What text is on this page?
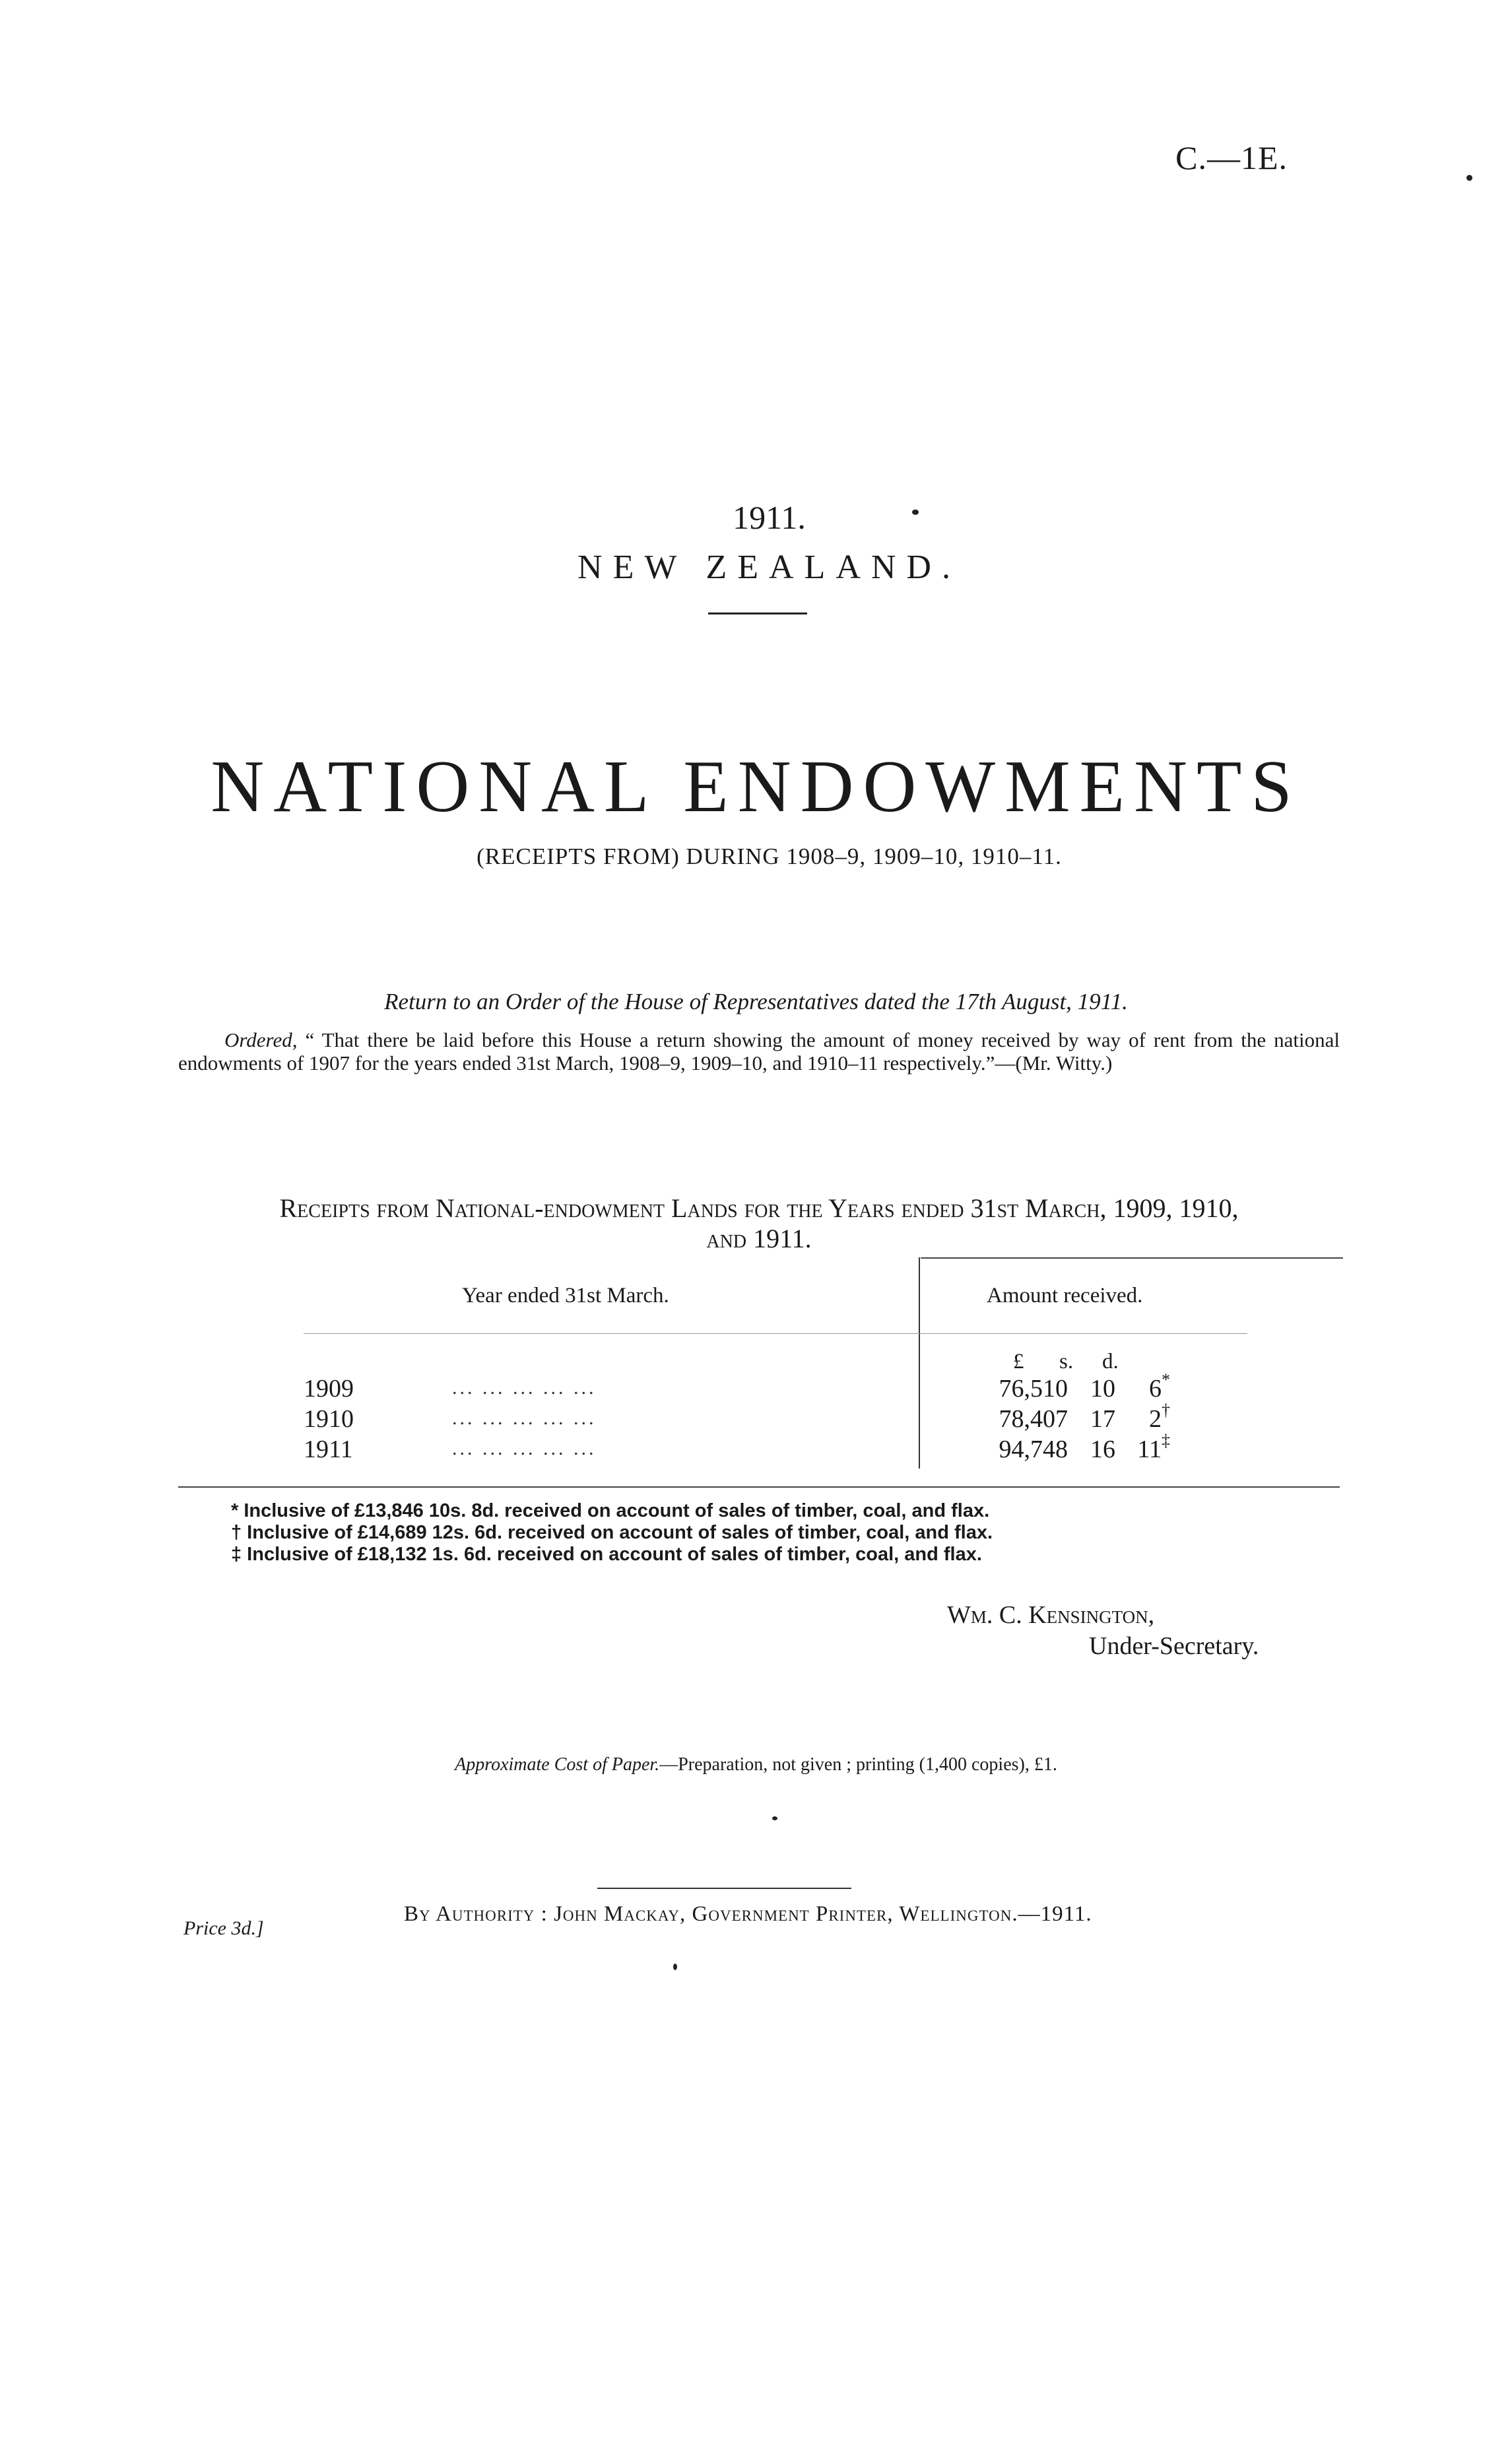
C.—1E.
1911.
NEW ZEALAND.
NATIONAL ENDOWMENTS
(RECEIPTS FROM) DURING 1908–9, 1909–10, 1910–11.
Return to an Order of the House of Representatives dated the 17th August, 1911.
Ordered, “ That there be laid before this House a return showing the amount of money received by way of rent from the national endowments of 1907 for the years ended 31st March, 1908–9, 1909–10, and 1910–11 respectively.”—(Mr. Witty.)
Receipts from National-endowment Lands for the Years ended 31st March, 1909, 1910,
and 1911.
Year ended 31st March.	Amount received.
£ s. d.
1909	... ... ... ... ...	76,510 10	6 *
1910	... ... ... ... ...	78,407 17	2 †
1911	... ... ... ... ...	94,748 16 11 ‡
* Inclusive of £13,846 10s. 8d. received on account of sales of timber, coal, and flax.
† Inclusive of £14,689 12s. 6d. received on account of sales of timber, coal, and flax.
‡ Inclusive of £18,132 1s. 6d. received on account of sales of timber, coal, and flax.
Wm. C. Kensington,
Under-Secretary.
Approximate Cost of Paper.—Preparation, not given ; printing (1,400 copies), £1.
By Authority : John Mackay, Government Printer, Wellington.—1911.
Price 3d.]
